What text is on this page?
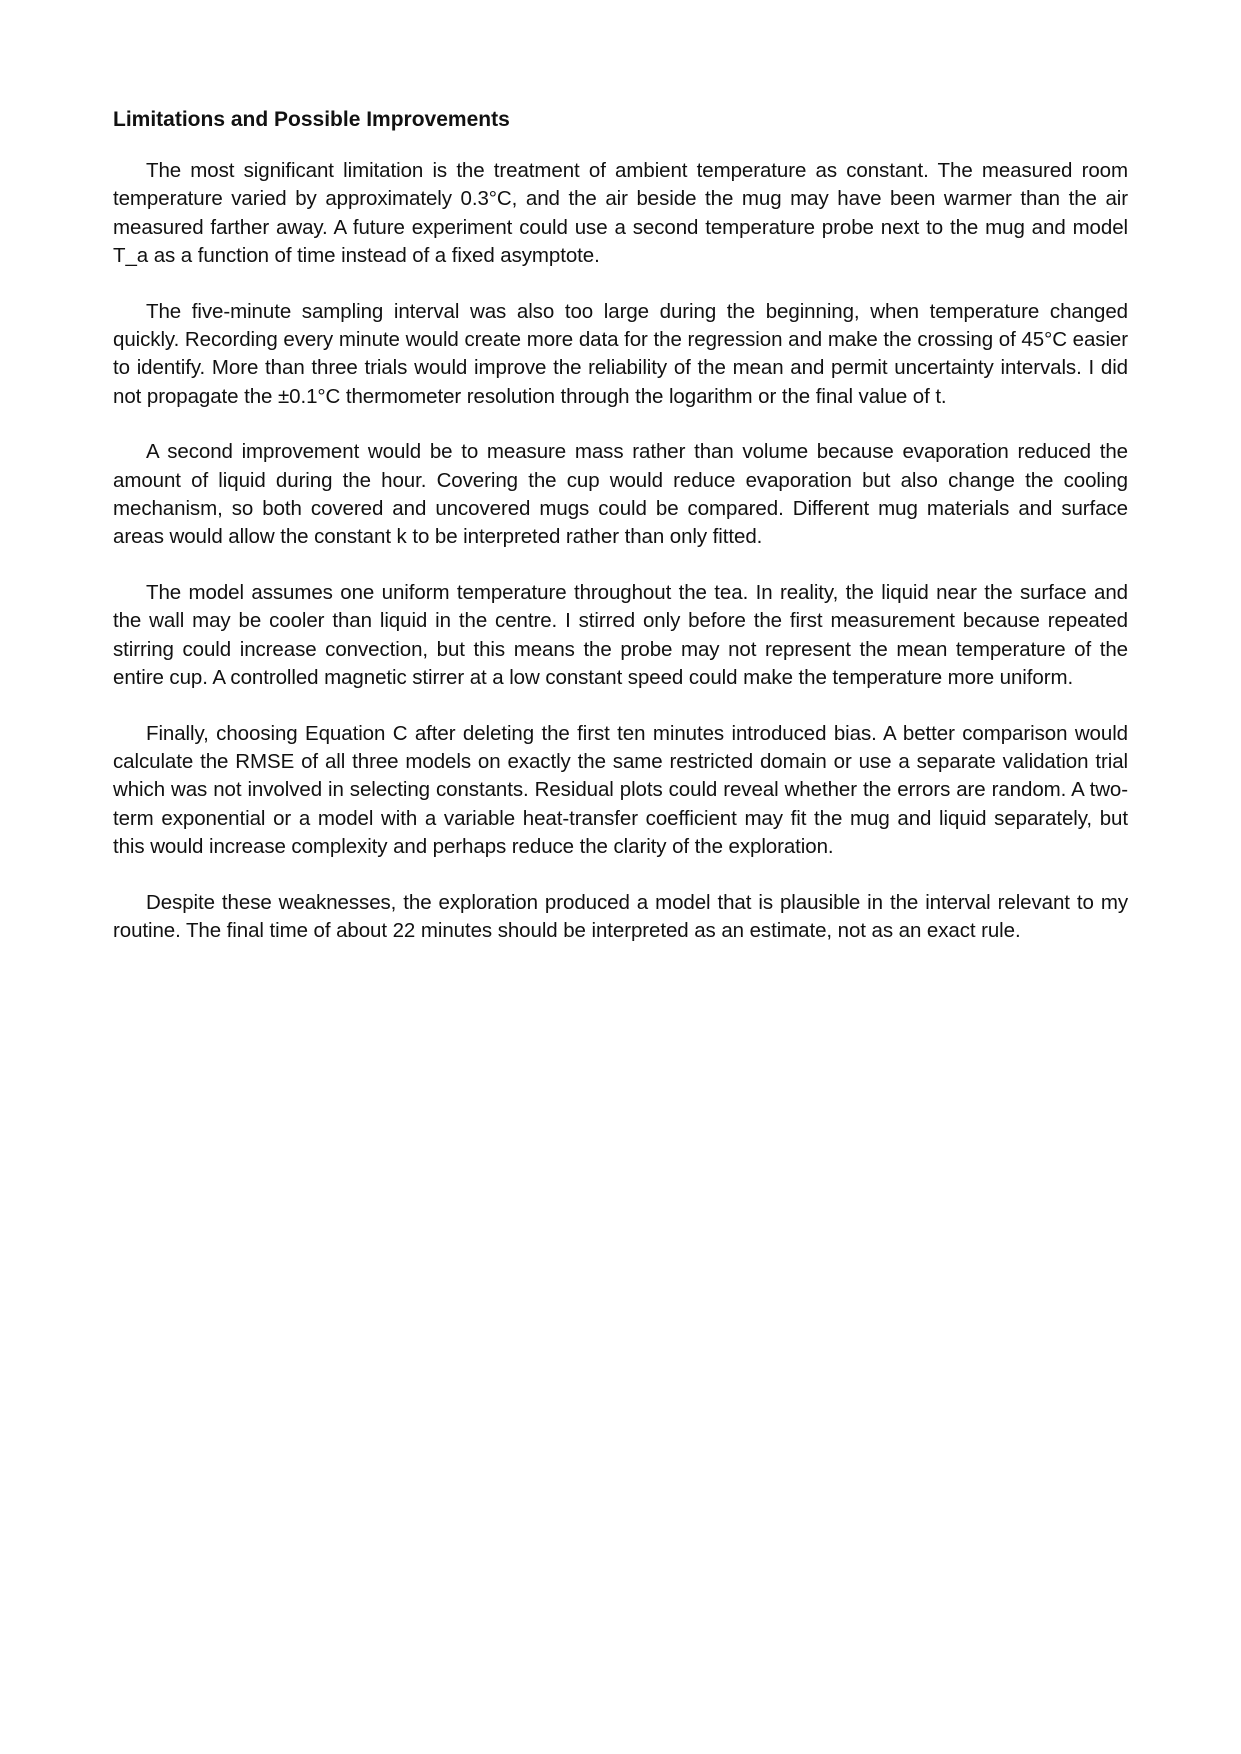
Limitations and Possible Improvements

The most significant limitation is the treatment of ambient temperature as constant. The measured room temperature varied by approximately 0.3°C, and the air beside the mug may have been warmer than the air measured farther away. A future experiment could use a second temperature probe next to the mug and model T_a as a function of time instead of a fixed asymptote.

The five-minute sampling interval was also too large during the beginning, when temperature changed quickly. Recording every minute would create more data for the regression and make the crossing of 45°C easier to identify. More than three trials would improve the reliability of the mean and permit uncertainty intervals. I did not propagate the ±0.1°C thermometer resolution through the logarithm or the final value of t.

A second improvement would be to measure mass rather than volume because evaporation reduced the amount of liquid during the hour. Covering the cup would reduce evaporation but also change the cooling mechanism, so both covered and uncovered mugs could be compared. Different mug materials and surface areas would allow the constant k to be interpreted rather than only fitted.

The model assumes one uniform temperature throughout the tea. In reality, the liquid near the surface and the wall may be cooler than liquid in the centre. I stirred only before the first measurement because repeated stirring could increase convection, but this means the probe may not represent the mean temperature of the entire cup. A controlled magnetic stirrer at a low constant speed could make the temperature more uniform.

Finally, choosing Equation C after deleting the first ten minutes introduced bias. A better comparison would calculate the RMSE of all three models on exactly the same restricted domain or use a separate validation trial which was not involved in selecting constants. Residual plots could reveal whether the errors are random. A two-term exponential or a model with a variable heat-transfer coefficient may fit the mug and liquid separately, but this would increase complexity and perhaps reduce the clarity of the exploration.

Despite these weaknesses, the exploration produced a model that is plausible in the interval relevant to my routine. The final time of about 22 minutes should be interpreted as an estimate, not as an exact rule.
